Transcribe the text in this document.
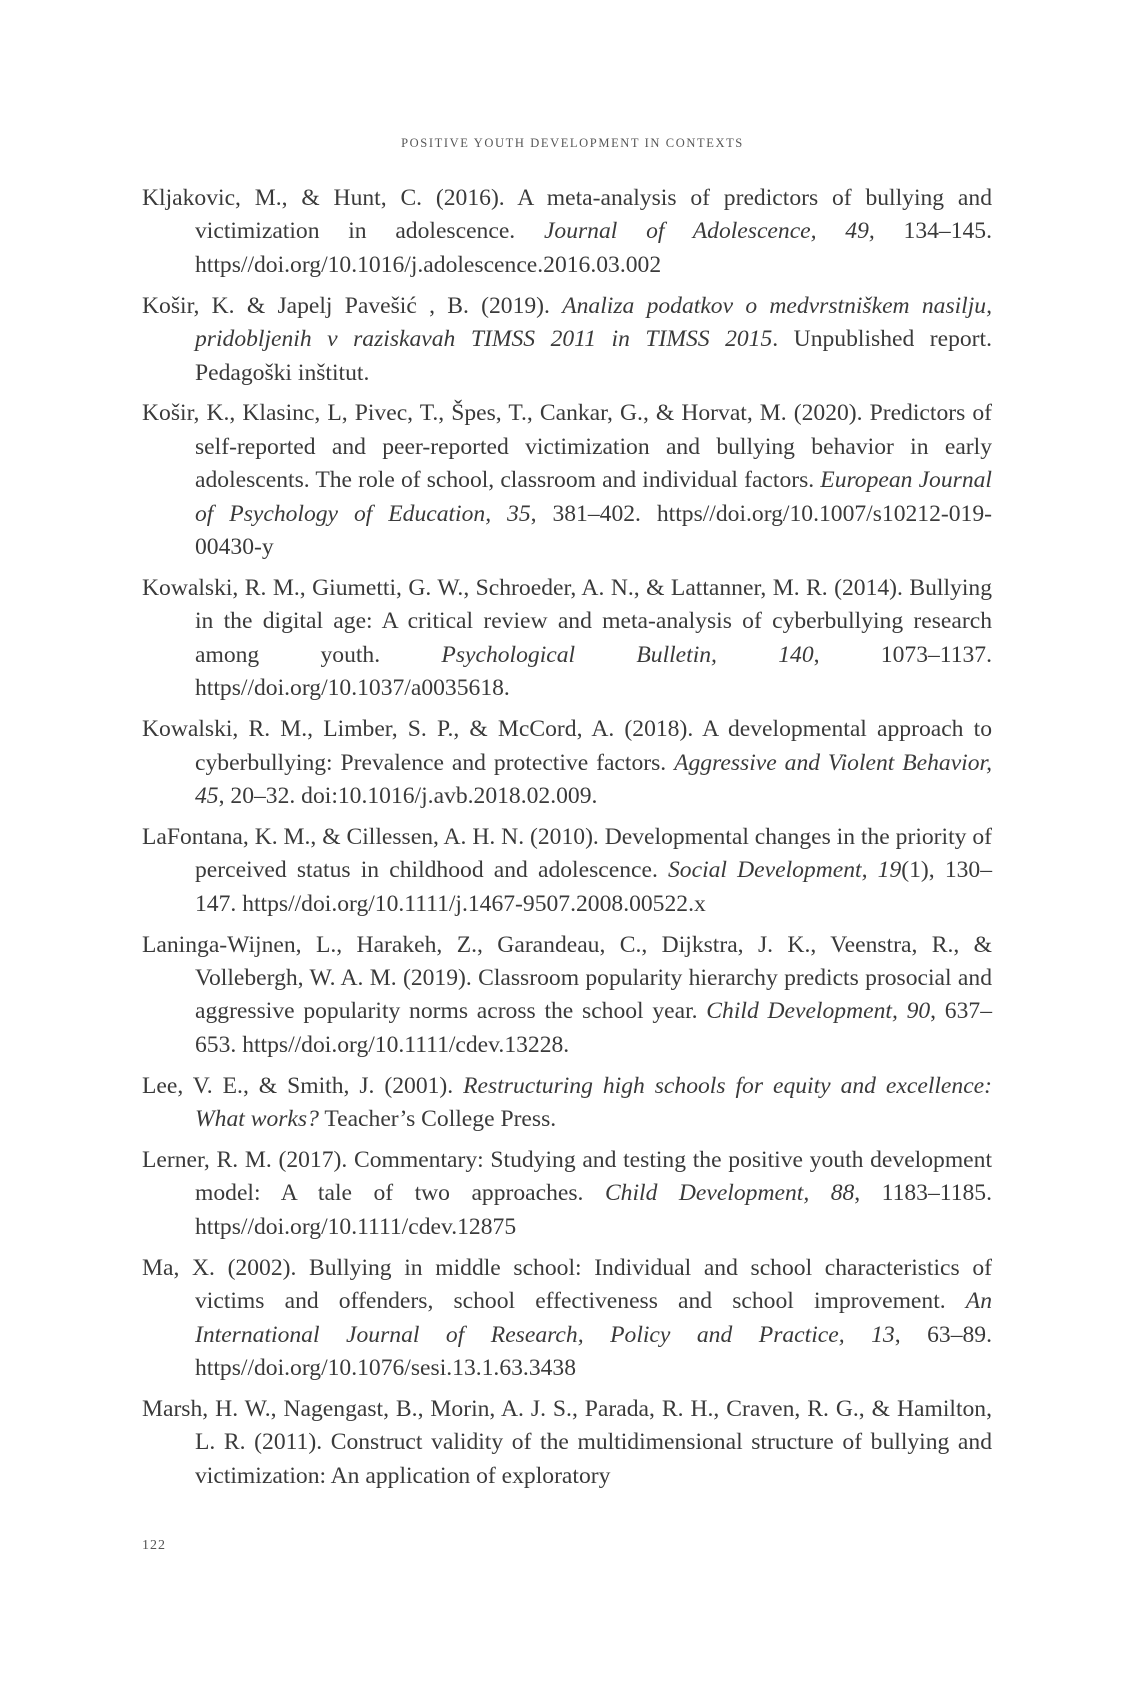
POSITIVE YOUTH DEVELOPMENT IN CONTEXTS
Kljakovic, M., & Hunt, C. (2016). A meta-analysis of predictors of bullying and victimization in adolescence. Journal of Adolescence, 49, 134–145. https//doi.org/10.1016/j.adolescence.2016.03.002
Košir, K. & Japelj Pavešić , B. (2019). Analiza podatkov o medvrstniškem nasilju, pridobljenih v raziskavah TIMSS 2011 in TIMSS 2015. Unpublished report. Pedagoški inštitut.
Košir, K., Klasinc, L, Pivec, T., Špes, T., Cankar, G., & Horvat, M. (2020). Predictors of self-reported and peer-reported victimization and bullying behavior in early adolescents. The role of school, classroom and individual factors. European Journal of Psychology of Education, 35, 381–402. https//doi.org/10.1007/s10212-019-00430-y
Kowalski, R. M., Giumetti, G. W., Schroeder, A. N., & Lattanner, M. R. (2014). Bullying in the digital age: A critical review and meta-analysis of cyberbullying research among youth. Psychological Bulletin, 140, 1073–1137. https//doi.org/10.1037/a0035618.
Kowalski, R. M., Limber, S. P., & McCord, A. (2018). A developmental approach to cyberbullying: Prevalence and protective factors. Aggressive and Violent Behavior, 45, 20–32. doi:10.1016/j.avb.2018.02.009.
LaFontana, K. M., & Cillessen, A. H. N. (2010). Developmental changes in the priority of perceived status in childhood and adolescence. Social Development, 19(1), 130–147. https//doi.org/10.1111/j.1467-9507.2008.00522.x
Laninga-Wijnen, L., Harakeh, Z., Garandeau, C., Dijkstra, J. K., Veenstra, R., & Vollebergh, W. A. M. (2019). Classroom popularity hierarchy predicts prosocial and aggressive popularity norms across the school year. Child Development, 90, 637–653. https//doi.org/10.1111/cdev.13228.
Lee, V. E., & Smith, J. (2001). Restructuring high schools for equity and excellence: What works? Teacher’s College Press.
Lerner, R. M. (2017). Commentary: Studying and testing the positive youth development model: A tale of two approaches. Child Development, 88, 1183–1185. https//doi.org/10.1111/cdev.12875
Ma, X. (2002). Bullying in middle school: Individual and school characteristics of victims and offenders, school effectiveness and school improvement. An International Journal of Research, Policy and Practice, 13, 63–89. https//doi.org/10.1076/sesi.13.1.63.3438
Marsh, H. W., Nagengast, B., Morin, A. J. S., Parada, R. H., Craven, R. G., & Hamilton, L. R. (2011). Construct validity of the multidimensional structure of bullying and victimization: An application of exploratory
122
